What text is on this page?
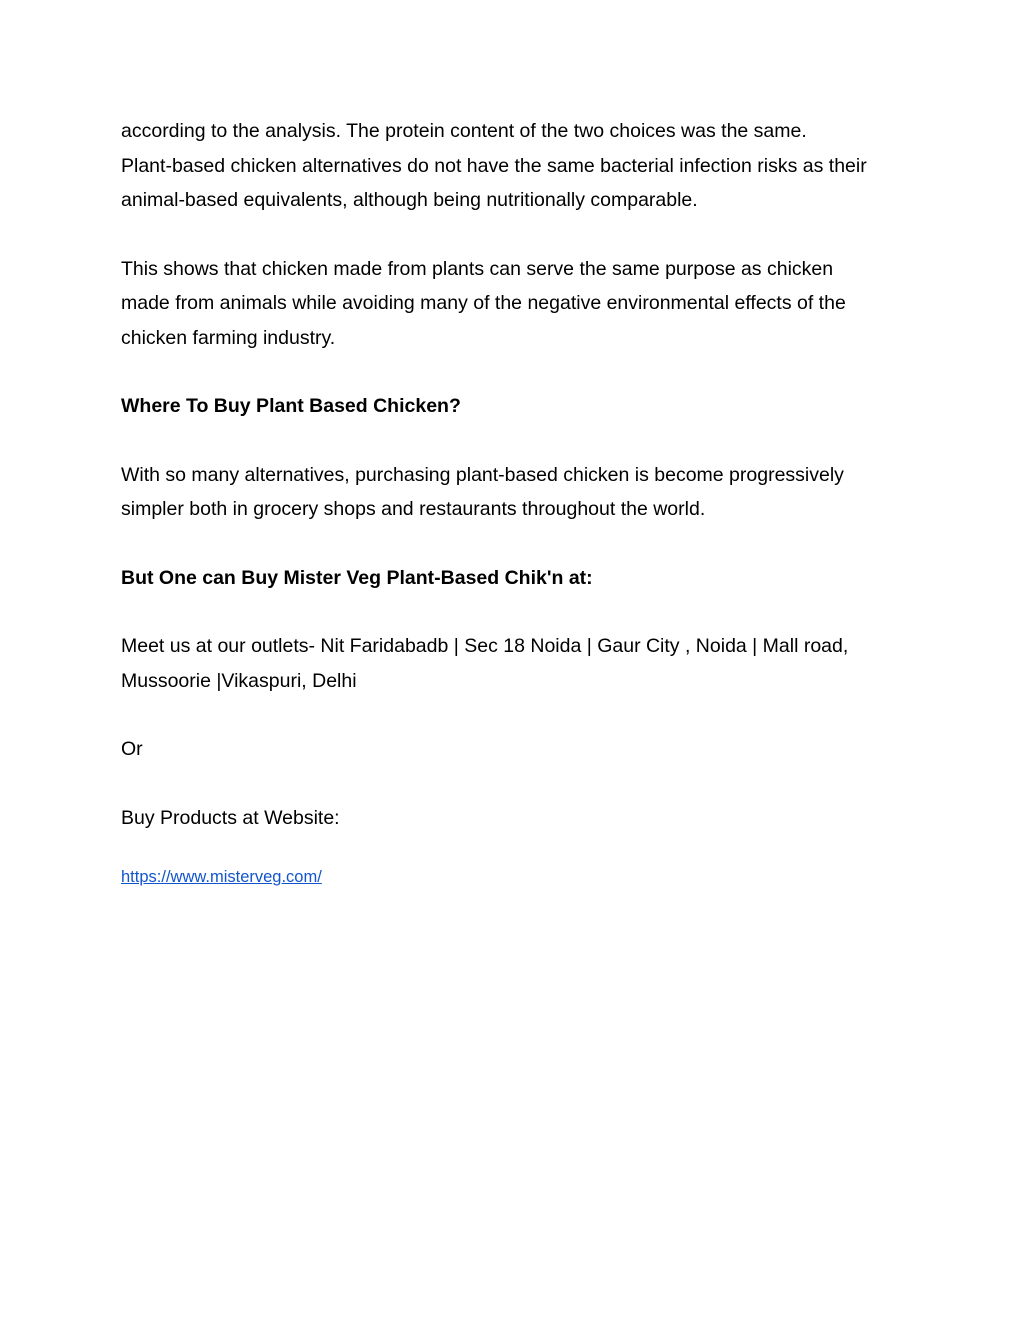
according to the analysis. The protein content of the two choices was the same.
Plant-based chicken alternatives do not have the same bacterial infection risks as their
animal-based equivalents, although being nutritionally comparable.

This shows that chicken made from plants can serve the same purpose as chicken
made from animals while avoiding many of the negative environmental effects of the
chicken farming industry.

Where To Buy Plant Based Chicken?

With so many alternatives, purchasing plant-based chicken is become progressively
simpler both in grocery shops and restaurants throughout the world.

But One can Buy Mister Veg Plant-Based Chik'n at:

Meet us at our outlets- Nit Faridabadb | Sec 18 Noida | Gaur City , Noida | Mall road,
Mussoorie |Vikaspuri, Delhi

Or

Buy Products at Website:

https://www.misterveg.com/
